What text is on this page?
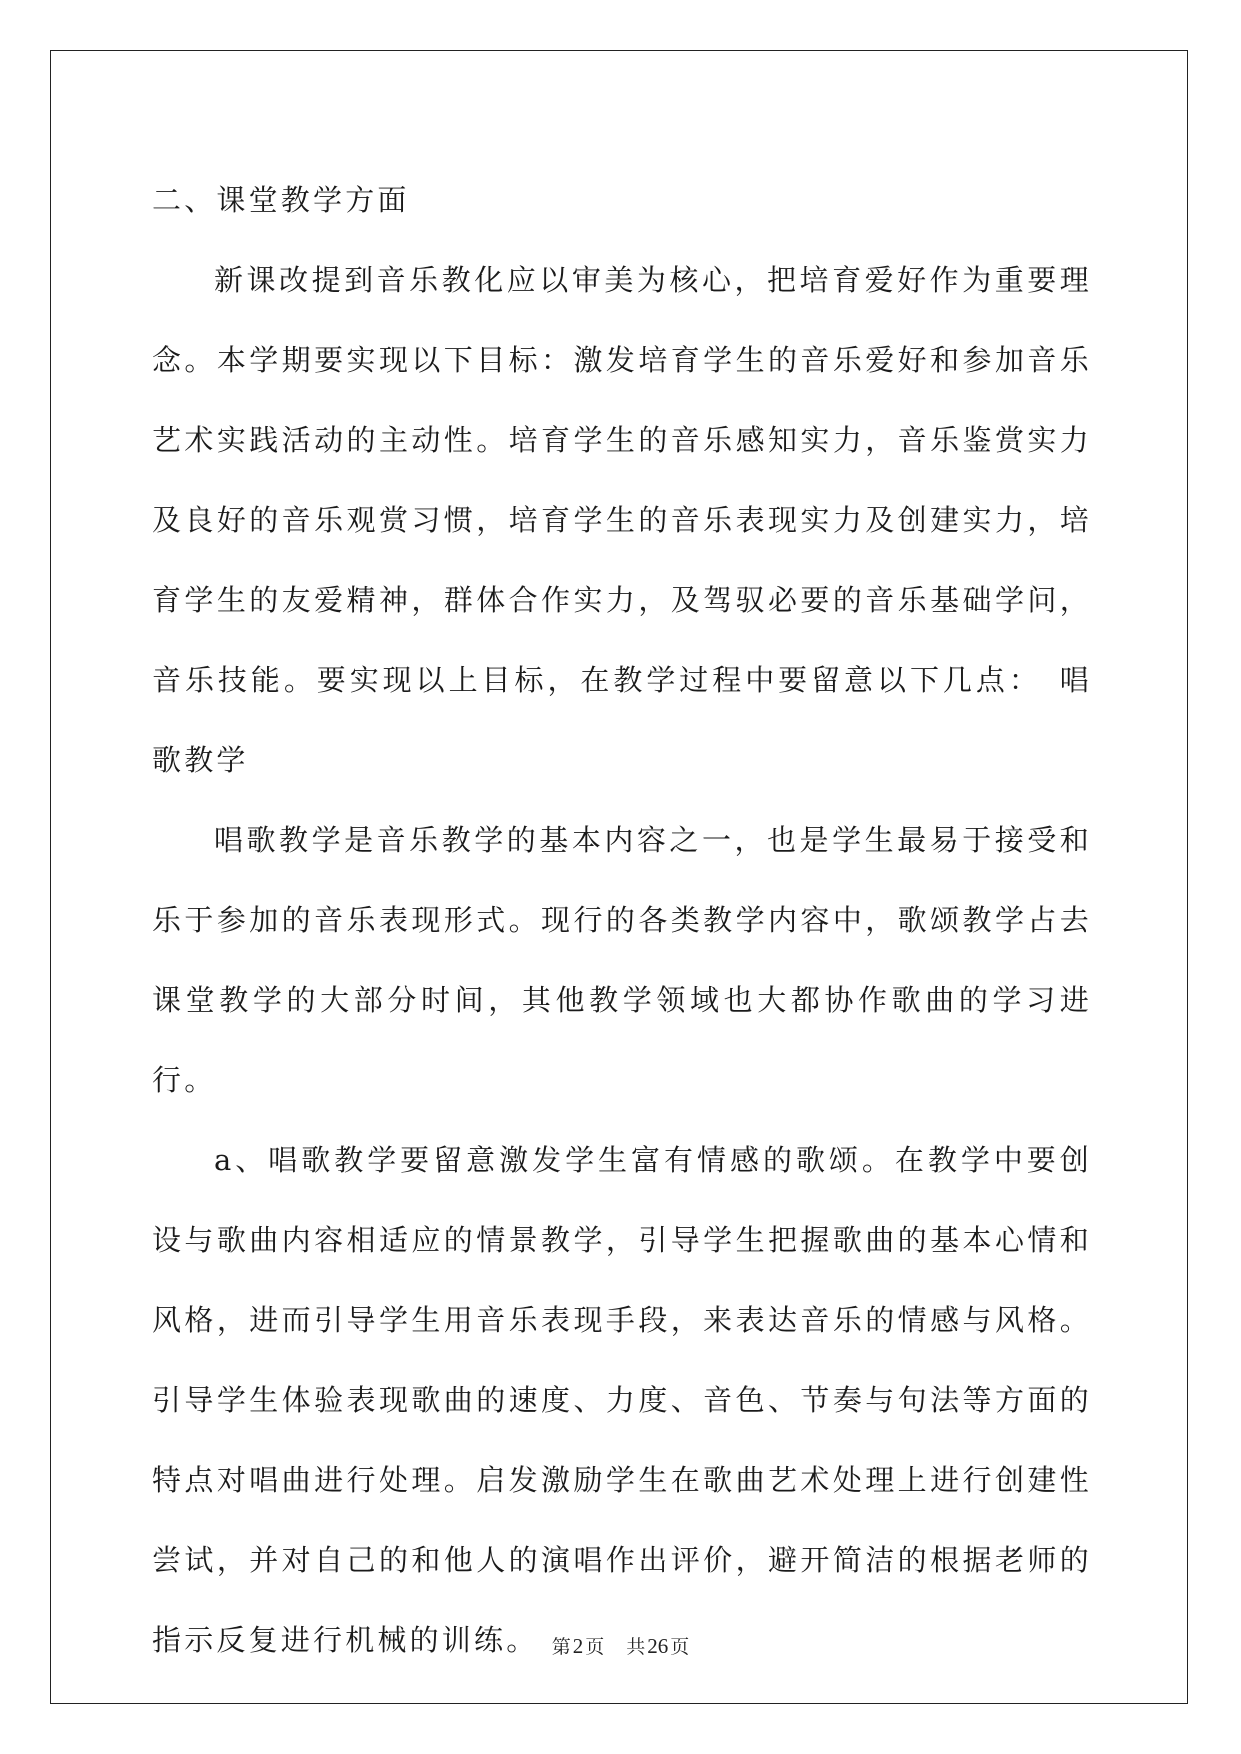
二、课堂教学方面

新课改提到音乐教化应以审美为核心，把培育爱好作为重要理念。本学期要实现以下目标：激发培育学生的音乐爱好和参加音乐艺术实践活动的主动性。培育学生的音乐感知实力，音乐鉴赏实力及良好的音乐观赏习惯，培育学生的音乐表现实力及创建实力，培育学生的友爱精神，群体合作实力，及驾驭必要的音乐基础学问，音乐技能。要实现以上目标，在教学过程中要留意以下几点： 唱歌教学

唱歌教学是音乐教学的基本内容之一，也是学生最易于接受和乐于参加的音乐表现形式。现行的各类教学内容中，歌颂教学占去课堂教学的大部分时间，其他教学领域也大都协作歌曲的学习进行。

a、唱歌教学要留意激发学生富有情感的歌颂。在教学中要创设与歌曲内容相适应的情景教学，引导学生把握歌曲的基本心情和风格，进而引导学生用音乐表现手段，来表达音乐的情感与风格。引导学生体验表现歌曲的速度、力度、音色、节奏与句法等方面的特点对唱曲进行处理。启发激励学生在歌曲艺术处理上进行创建性尝试，并对自己的和他人的演唱作出评价，避开简洁的根据老师的指示反复进行机械的训练。 第2 页 共26 页
